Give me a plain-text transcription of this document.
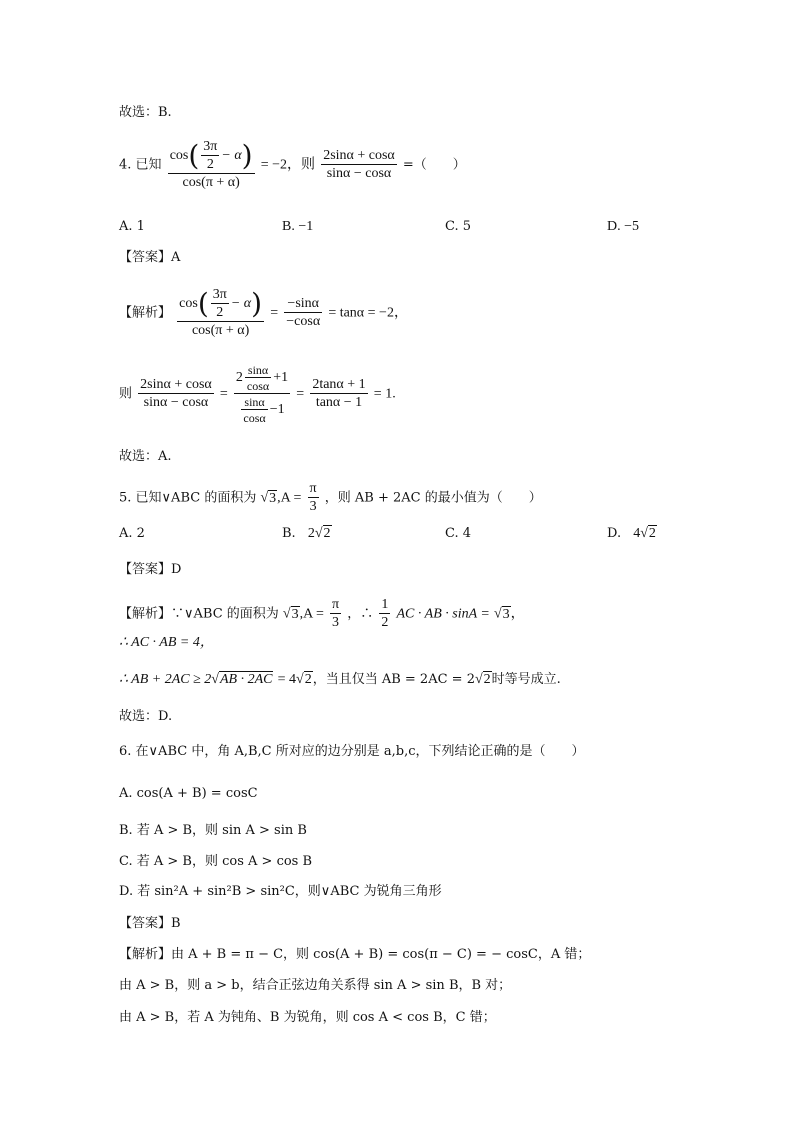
故选：B.
4. 已知 $\frac{\cos( \frac{3\pi}{2} - \alpha)}{\cos(\pi + \alpha)} = -2$，则 $\frac{2\sin\alpha + \cos\alpha}{\sin\alpha - \cos\alpha}$ =（　　）
A. 1	B. −1	C. 5	D. −5
【答案】A
【解析】 $\frac{\cos( \frac{3\pi}{2} - \alpha)}{\cos(\pi + \alpha)} = \frac{-\sin\alpha}{-\cos\alpha} = \tan\alpha = -2$，
则 $\frac{2\sin\alpha + \cos\alpha}{\sin\alpha - \cos\alpha} = \frac{2 \frac{\sin\alpha}{\cos\alpha} +1}{\frac{\sin\alpha}{\cos\alpha} -1} = \frac{2\tan\alpha + 1}{\tan\alpha - 1} = 1$.
故选：A.
5. 已知∨ABC 的面积为 $√3,A = \frac{\pi}{3}$ ，则 AB + 2AC 的最小值为（　　）
A. 2	B. 2√2	C. 4	D. 4√2
【答案】D
【解析】∵∨ABC 的面积为 $√3,A = \frac{\pi}{3}$ ，∴ $\frac{1}{2}$ AC · AB · sinA = √3，
∴ AC · AB = 4，
∴ AB + 2AC ≥ 2√AB · 2AC = 4√2，当且仅当 AB = 2AC = 2√2时等号成立.
故选：D.
6. 在∨ABC 中，角 A,B,C 所对应的边分别是 a,b,c，下列结论正确的是（　　）
A. cos(A + B) = cosC
B. 若 A > B，则 sin A > sin B
C. 若 A > B，则 cos A > cos B
D. 若 sin²A + sin²B > sin²C，则∨ABC 为锐角三角形
【答案】B
【解析】由 A + B = π − C，则 cos(A + B) = cos(π − C) = − cosC，A 错；
由 A > B，则 a > b，结合正弦边角关系得 sin A > sin B，B 对；
由 A > B，若 A 为钝角、B 为锐角，则 cos A < cos B，C 错；
